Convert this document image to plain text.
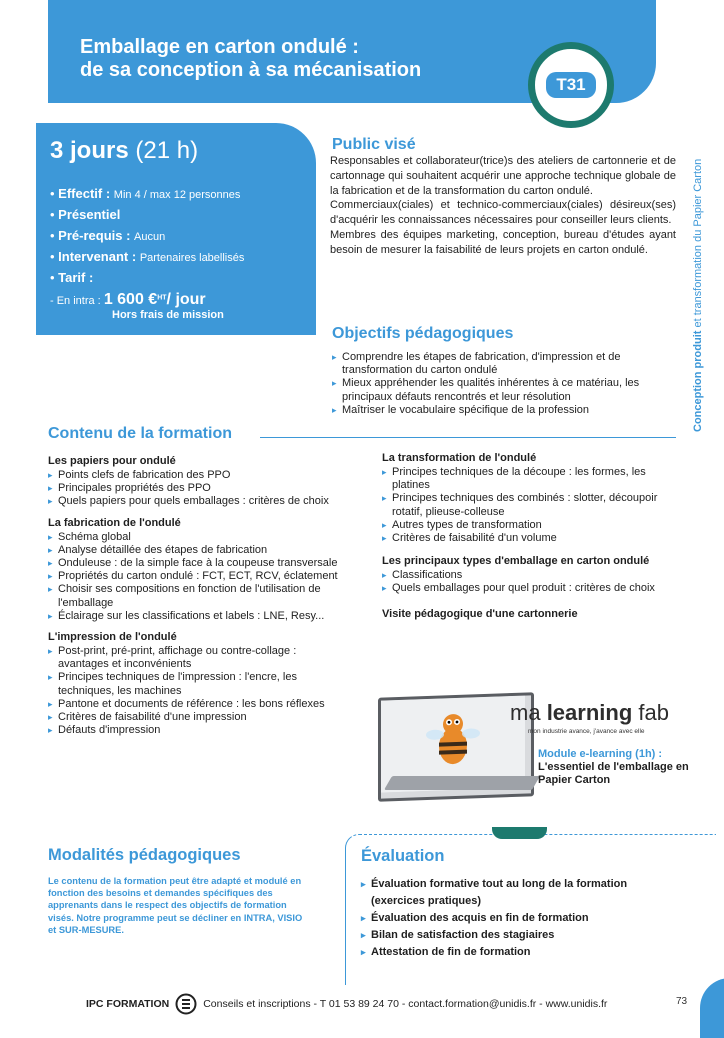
Emballage en carton ondulé :
de sa conception à sa mécanisation
T31
3 jours (21 h)
• Effectif : Min 4 / max 12 personnes
• Présentiel
• Pré-requis : Aucun
• Intervenant : Partenaires labellisés
• Tarif :
- En intra : 1 600 €$^{HT}$/ jour
Hors frais de mission
Conception produit et transformation du Papier Carton
Public visé
Responsables et collaborateur(trice)s des ateliers de cartonnerie et de cartonnage qui souhaitent acquérir une approche technique globale de la fabrication et de la transformation du carton ondulé.
Commerciaux(ciales) et technico-commerciaux(ciales) désireux(ses) d'acquérir les connaissances nécessaires pour conseiller leurs clients.
Membres des équipes marketing, conception, bureau d'études ayant besoin de mesurer la faisabilité de leurs projets en carton ondulé.
Objectifs pédagogiques
▸ Comprendre les étapes de fabrication, d'impression et de transformation du carton ondulé
▸ Mieux appréhender les qualités inhérentes à ce matériau, les principaux défauts rencontrés et leur résolution
▸ Maîtriser le vocabulaire spécifique de la profession
Contenu de la formation
Les papiers pour ondulé
▸ Points clefs de fabrication des PPO
▸ Principales propriétés des PPO
▸ Quels papiers pour quels emballages : critères de choix
La fabrication de l'ondulé
▸ Schéma global
▸ Analyse détaillée des étapes de fabrication
▸ Onduleuse : de la simple face à la coupeuse transversale
▸ Propriétés du carton ondulé : FCT, ECT, RCV, éclatement
▸ Choisir ses compositions en fonction de l'utilisation de l'emballage
▸ Éclairage sur les classifications et labels : LNE, Resy...
L'impression de l'ondulé
▸ Post-print, pré-print, affichage ou contre-collage : avantages et inconvénients
▸ Principes techniques de l'impression : l'encre, les techniques, les machines
▸ Pantone et documents de référence : les bons réflexes
▸ Critères de faisabilité d'une impression
▸ Défauts d'impression
La transformation de l'ondulé
▸ Principes techniques de la découpe : les formes, les platines
▸ Principes techniques des combinés : slotter, découpoir rotatif, plieuse-colleuse
▸ Autres types de transformation
▸ Critères de faisabilité d'un volume
Les principaux types d'emballage en carton ondulé
▸ Classifications
▸ Quels emballages pour quel produit : critères de choix
Visite pédagogique d'une cartonnerie
ma learning fab
mon industrie avance, j'avance avec elle
Module e-learning (1h) :
L'essentiel de l'emballage en Papier Carton
Modalités pédagogiques
Le contenu de la formation peut être adapté et modulé en fonction des besoins et demandes spécifiques des apprenants dans le respect des objectifs de formation visés. Notre programme peut se décliner en INTRA, VISIO et SUR-MESURE.
Évaluation
▸ Évaluation formative tout au long de la formation (exercices pratiques)
▸ Évaluation des acquis en fin de formation
▸ Bilan de satisfaction des stagiaires
▸ Attestation de fin de formation
IPC FORMATION	Conseils et inscriptions - T 01 53 89 24 70 - contact.formation@unidis.fr - www.unidis.fr	73
